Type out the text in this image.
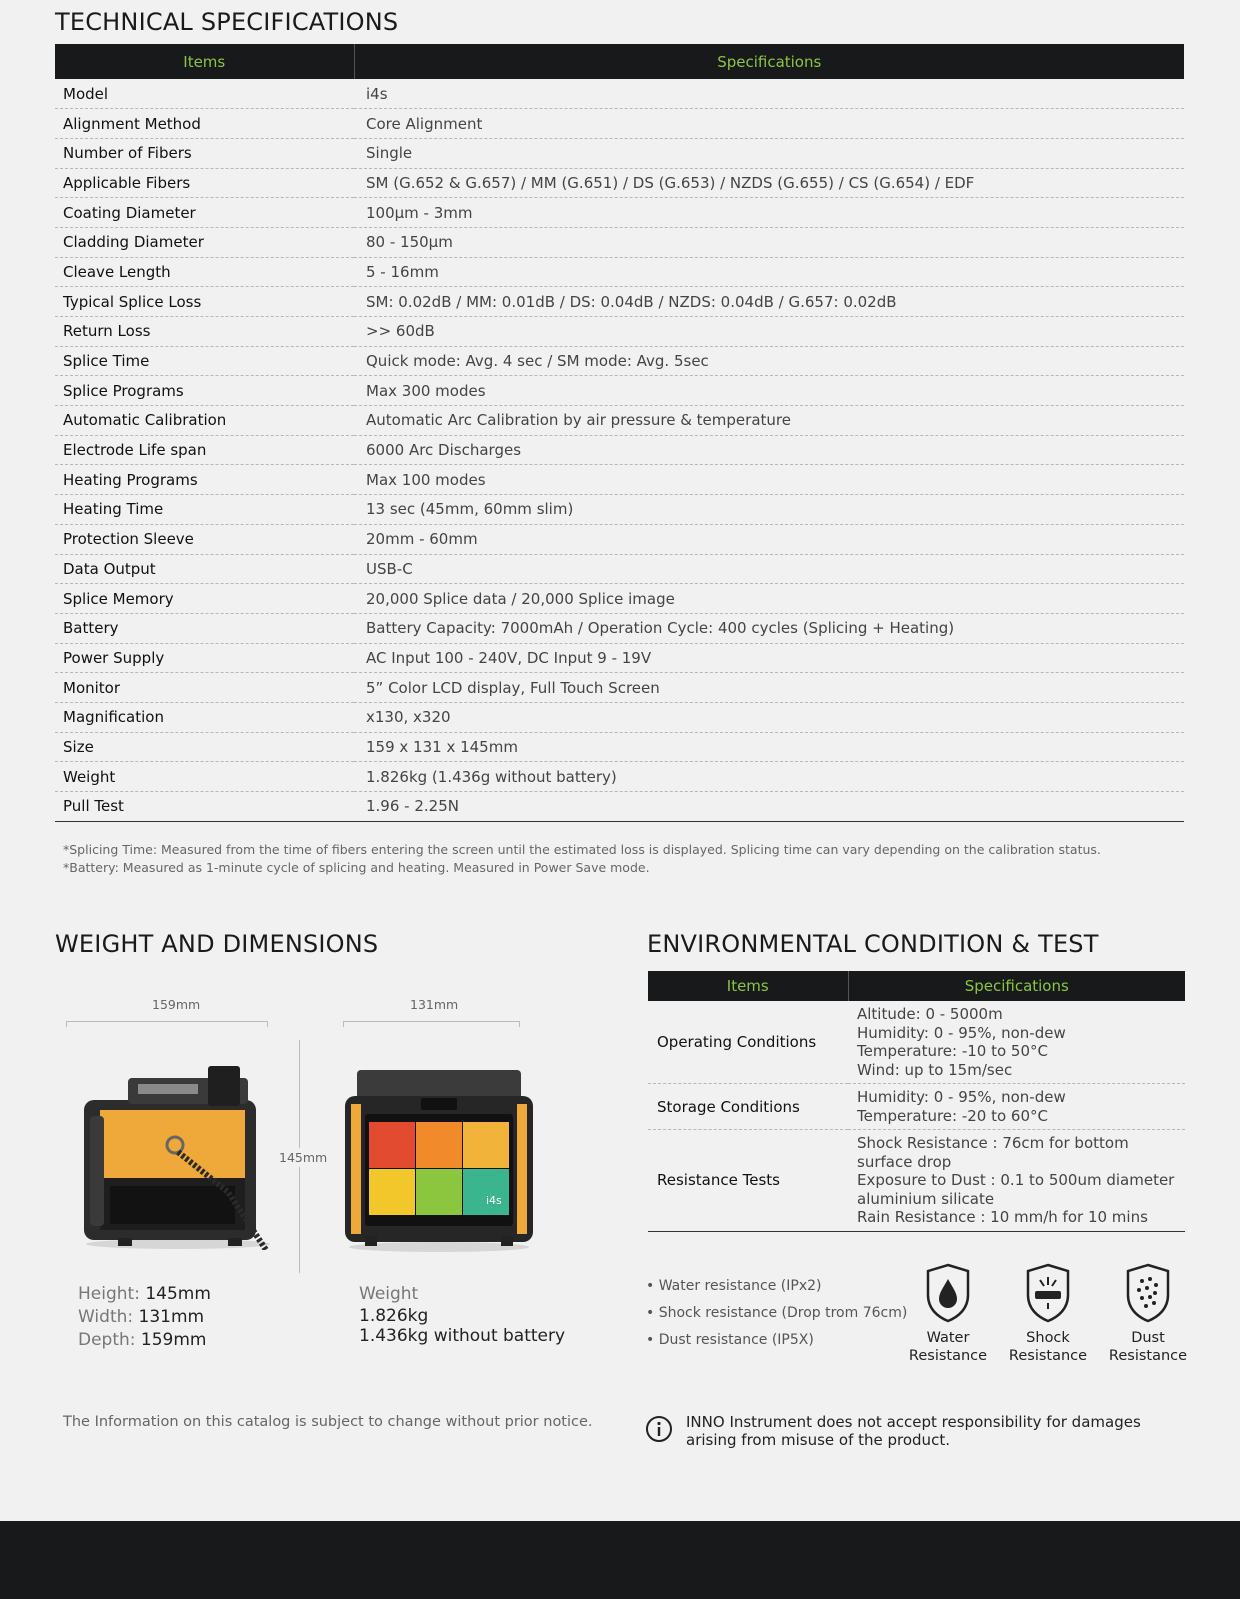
TECHNICAL SPECIFICATIONS
Items	Specifications
Model	i4s
Alignment Method	Core Alignment
Number of Fibers	Single
Applicable Fibers	SM (G.652 & G.657) / MM (G.651) / DS (G.653) / NZDS (G.655) / CS (G.654) / EDF
Coating Diameter	100μm - 3mm
Cladding Diameter	80 - 150μm
Cleave Length	5 - 16mm
Typical Splice Loss	SM: 0.02dB / MM: 0.01dB / DS: 0.04dB / NZDS: 0.04dB / G.657: 0.02dB
Return Loss	>> 60dB
Splice Time	Quick mode: Avg. 4 sec / SM mode: Avg. 5sec
Splice Programs	Max 300 modes
Automatic Calibration	Automatic Arc Calibration by air pressure & temperature
Electrode Life span	6000 Arc Discharges
Heating Programs	Max 100 modes
Heating Time	13 sec (45mm, 60mm slim)
Protection Sleeve	20mm - 60mm
Data Output	USB-C
Splice Memory	20,000 Splice data / 20,000 Splice image
Battery	Battery Capacity: 7000mAh / Operation Cycle: 400 cycles (Splicing + Heating)
Power Supply	AC Input 100 - 240V, DC Input 9 - 19V
Monitor	5” Color LCD display, Full Touch Screen
Magnification	x130, x320
Size	159 x 131 x 145mm
Weight	1.826kg (1.436g without battery)
Pull Test	1.96 - 2.25N
*Splicing Time: Measured from the time of fibers entering the screen until the estimated loss is displayed. Splicing time can vary depending on the calibration status.
*Battery: Measured as 1-minute cycle of splicing and heating. Measured in Power Save mode.
WEIGHT AND DIMENSIONS
159mm	131mm
145mm
i4s
Height: 145mm
Width: 131mm
Depth: 159mm
Weight
1.826kg
1.436kg without battery
The Information on this catalog is subject to change without prior notice.
ENVIRONMENTAL CONDITION & TEST
Items	Specifications
Operating Conditions	Altitude: 0 - 5000m
Humidity: 0 - 95%, non-dew
Temperature: -10 to 50°C
Wind: up to 15m/sec

Storage Conditions	Humidity: 0 - 95%, non-dew
Temperature: -20 to 60°C

Resistance Tests	Shock Resistance : 76cm for bottom surface drop
Exposure to Dust : 0.1 to 500um diameter aluminium silicate
Rain Resistance : 10 mm/h for 10 mins
• Water resistance (IPx2)
• Shock resistance (Drop trom 76cm)
• Dust resistance (IP5X)	Water
Resistance
Shock
Resistance
Dust
Resistance
INNO Instrument does not accept responsibility for damages arising from misuse of the product.
